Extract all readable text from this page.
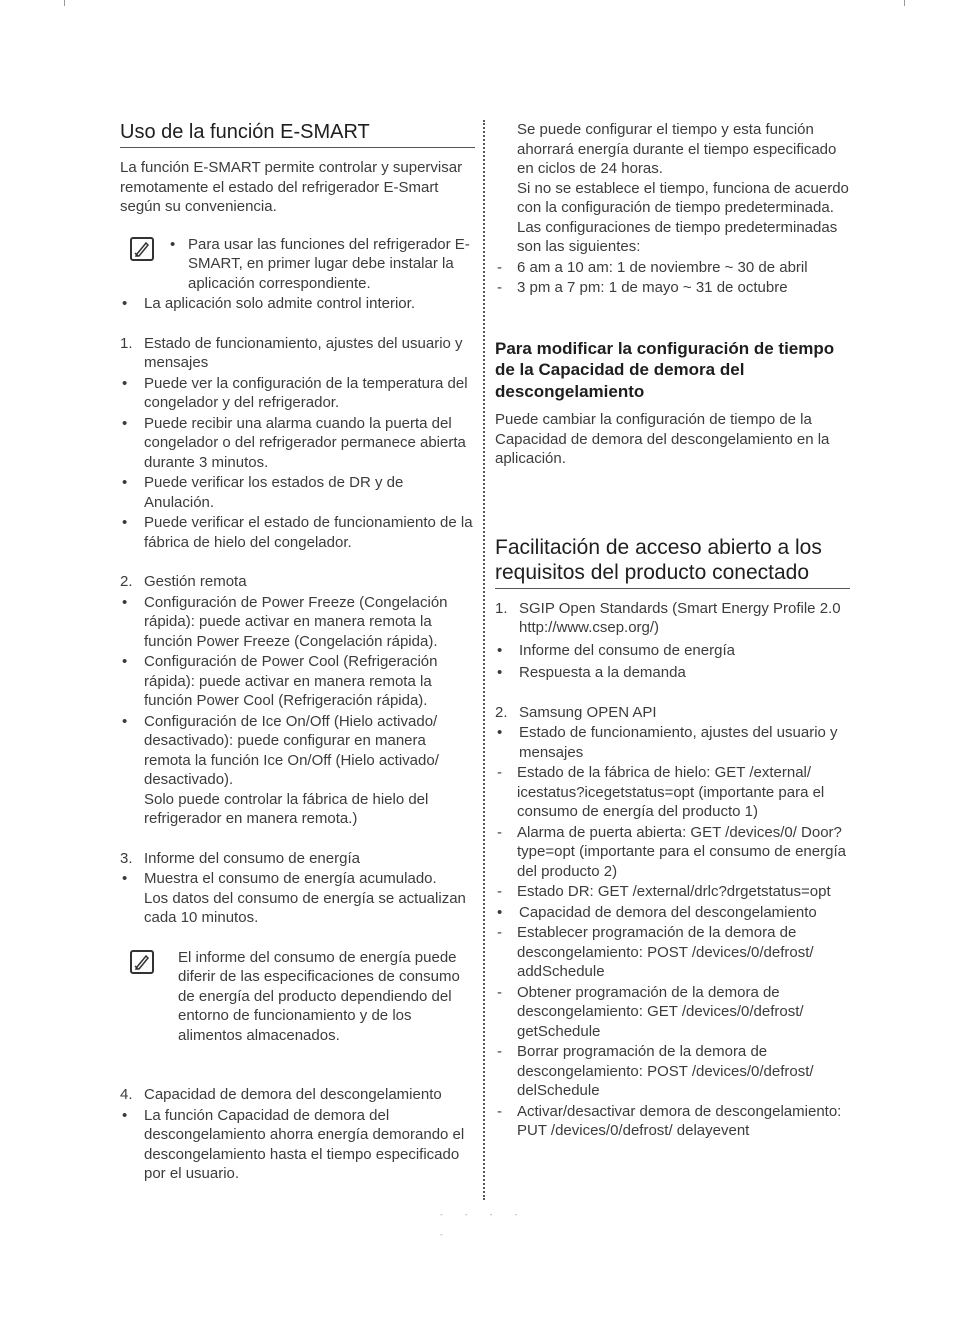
Uso de la función E-SMART

La función E-SMART permite controlar y supervisar remotamente el estado del refrigerador E-Smart según su conveniencia.

• Para usar las funciones del refrigerador E-SMART, en primer lugar debe instalar la aplicación correspondiente.
• La aplicación solo admite control interior.
1. Estado de funcionamiento, ajustes del usuario y mensajes
• Puede ver la configuración de la temperatura del congelador y del refrigerador.
• Puede recibir una alarma cuando la puerta del congelador o del refrigerador permanece abierta durante 3 minutos.
• Puede verificar los estados de DR y de Anulación.
• Puede verificar el estado de funcionamiento de la fábrica de hielo del congelador.
2. Gestión remota
• Configuración de Power Freeze (Congelación rápida): puede activar en manera remota la función Power Freeze (Congelación rápida).
• Configuración de Power Cool (Refrigeración rápida): puede activar en manera remota la función Power Cool (Refrigeración rápida).
• Configuración de Ice On/Off (Hielo activado/ desactivado): puede configurar en manera remota la función Ice On/Off (Hielo activado/ desactivado).

Solo puede controlar la fábrica de hielo del refrigerador en manera remota.)

3. Informe del consumo de energía
• Muestra el consumo de energía acumulado.

Los datos del consumo de energía se actualizan cada 10 minutos.

El informe del consumo de energía puede diferir de las especificaciones de consumo de energía del producto dependiendo del entorno de funcionamiento y de los alimentos almacenados.
4. Capacidad de demora del descongelamiento
• La función Capacidad de demora del descongelamiento ahorra energía demorando el descongelamiento hasta el tiempo especificado por el usuario.

Se puede configurar el tiempo y esta función ahorrará energía durante el tiempo especificado en ciclos de 24 horas.

Si no se establece el tiempo, funciona de acuerdo con la configuración de tiempo predeterminada.

Las configuraciones de tiempo predeterminadas son las siguientes:

- 6 am a 10 am: 1 de noviembre ~ 30 de abril
- 3 pm a 7 pm: 1 de mayo ~ 31 de octubre
Para modificar la configuración de tiempo de la Capacidad de demora del descongelamiento

Puede cambiar la configuración de tiempo de la Capacidad de demora del descongelamiento en la aplicación.

Facilitación de acceso abierto a los requisitos del producto conectado
1. SGIP Open Standards (Smart Energy Profile 2.0 http://www.csep.org/)
• Informe del consumo de energía
• Respuesta a la demanda
2. Samsung OPEN API
• Estado de funcionamiento, ajustes del usuario y mensajes
- Estado de la fábrica de hielo: GET /external/ icestatus?icegetstatus=opt (importante para el consumo de energía del producto 1)
- Alarma de puerta abierta: GET /devices/0/ Door?type=opt (importante para el consumo de energía del producto 2)
- Estado DR: GET /external/drlc?drgetstatus=opt
• Capacidad de demora del descongelamiento
- Establecer programación de la demora de descongelamiento: POST /devices/0/defrost/ addSchedule
- Obtener programación de la demora de descongelamiento: GET /devices/0/defrost/ getSchedule
- Borrar programación de la demora de descongelamiento: POST /devices/0/defrost/ delSchedule
- Activar/desactivar demora de descongelamiento: PUT /devices/0/defrost/ delayevent
- - - - -
